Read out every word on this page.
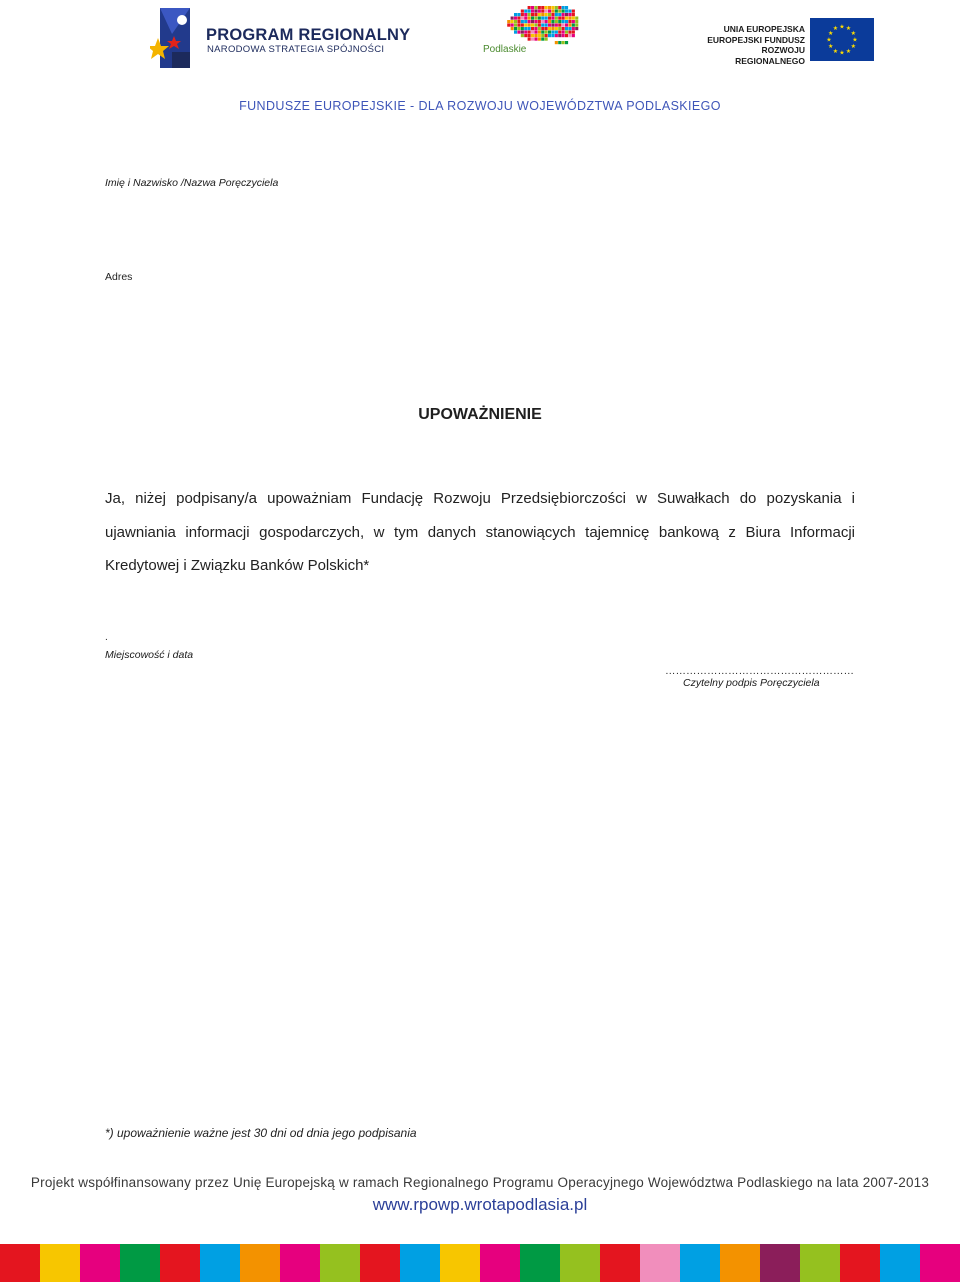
PROGRAM REGIONALNY
NARODOWA STRATEGIA SPÓJNOŚCI	Podlaskie
UNIA EUROPEJSKA
EUROPEJSKI FUNDUSZ
ROZWOJU REGIONALNEGO
★ ★
★
★
★
★
★
★
★
★
★
★
FUNDUSZE EUROPEJSKIE - DLA ROZWOJU WOJEWÓDZTWA PODLASKIEGO
Imię i Nazwisko /Nazwa Poręczyciela
Adres
UPOWAŻNIENIE
Ja, niżej podpisany/a upoważniam Fundację Rozwoju Przedsiębiorczości w Suwałkach do pozyskania i ujawniania informacji gospodarczych, w tym danych stanowiących tajemnicę bankową z Biura Informacji Kredytowej i Związku Banków Polskich*
.
Miejscowość i data
………………………………………………
Czytelny podpis Poręczyciela
*) upoważnienie ważne jest 30 dni od dnia jego podpisania
Projekt współfinansowany przez Unię Europejską w ramach Regionalnego Programu Operacyjnego Województwa Podlaskiego na lata 2007-2013
www.rpowp.wrotapodlasia.pl
